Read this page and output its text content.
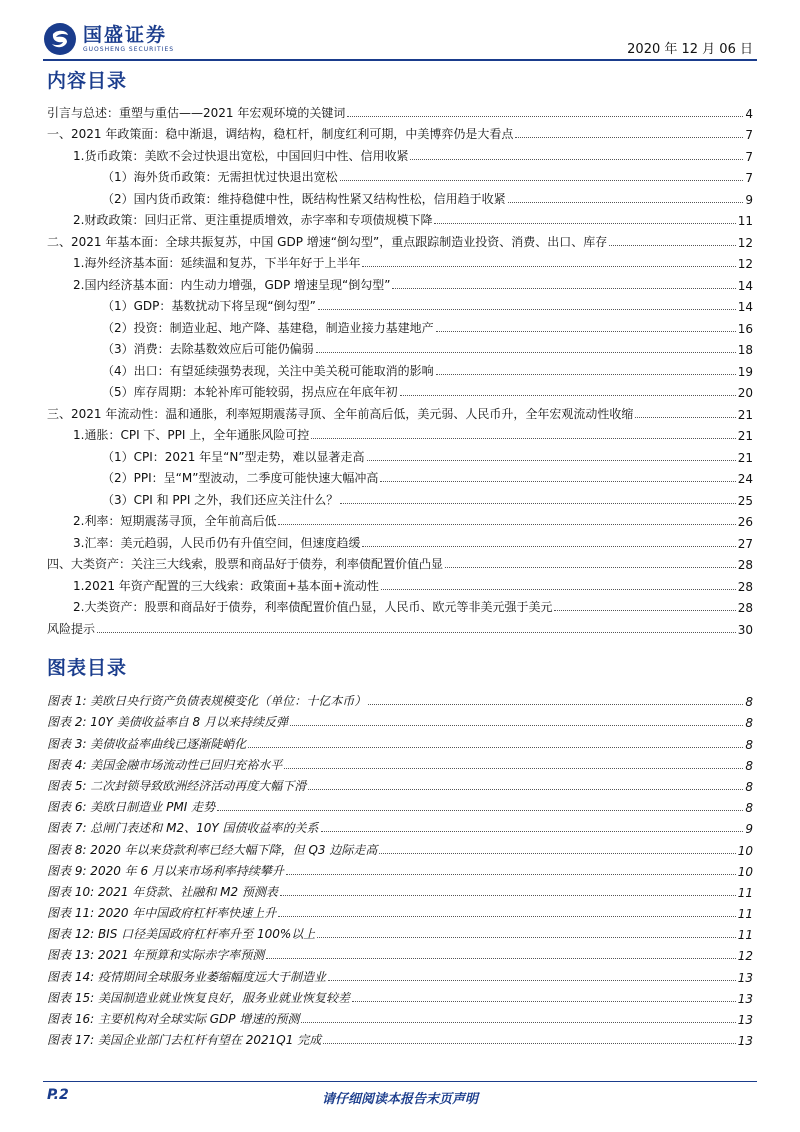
国盛证券
GUOSHENG SECURITIES	2020 年 12 月 06 日
内容目录
引言与总述：重塑与重估——2021 年宏观环境的关键词	4
一、2021 年政策面：稳中渐退，调结构，稳杠杆，制度红利可期，中美博弈仍是大看点	7
1.货币政策：美欧不会过快退出宽松，中国回归中性、信用收紧	7
（1）海外货币政策：无需担忧过快退出宽松	7
（2）国内货币政策：维持稳健中性，既结构性紧又结构性松，信用趋于收紧	9
2.财政政策：回归正常、更注重提质增效，赤字率和专项债规模下降	11
二、2021 年基本面：全球共振复苏，中国 GDP 增速“倒勾型”，重点跟踪制造业投资、消费、出口、库存	12
1.海外经济基本面：延续温和复苏，下半年好于上半年	12
2.国内经济基本面：内生动力增强，GDP 增速呈现“倒勾型”	14
（1）GDP：基数扰动下将呈现“倒勾型”	14
（2）投资：制造业起、地产降、基建稳，制造业接力基建地产	16
（3）消费：去除基数效应后可能仍偏弱	18
（4）出口：有望延续强势表现，关注中美关税可能取消的影响	19
（5）库存周期：本轮补库可能较弱，拐点应在年底年初	20
三、2021 年流动性：温和通胀，利率短期震荡寻顶、全年前高后低，美元弱、人民币升，全年宏观流动性收缩	21
1.通胀：CPI 下、PPI 上，全年通胀风险可控	21
（1）CPI：2021 年呈“N”型走势，难以显著走高	21
（2）PPI：呈“M”型波动，二季度可能快速大幅冲高	24
（3）CPI 和 PPI 之外，我们还应关注什么？	25
2.利率：短期震荡寻顶，全年前高后低	26
3.汇率：美元趋弱，人民币仍有升值空间，但速度趋缓	27
四、大类资产：关注三大线索，股票和商品好于债券，利率债配置价值凸显	28
1.2021 年资产配置的三大线索：政策面+基本面+流动性	28
2.大类资产：股票和商品好于债券，利率债配置价值凸显，人民币、欧元等非美元强于美元	28
风险提示	30
图表目录
图表 1: 美欧日央行资产负债表规模变化（单位：十亿本币）	8
图表 2: 10Y 美债收益率自 8 月以来持续反弹	8
图表 3: 美债收益率曲线已逐渐陡峭化	8
图表 4: 美国金融市场流动性已回归充裕水平	8
图表 5: 二次封锁导致欧洲经济活动再度大幅下滑	8
图表 6: 美欧日制造业 PMI 走势	8
图表 7: 总闸门表述和 M2、10Y 国债收益率的关系	9
图表 8: 2020 年以来贷款利率已经大幅下降，但 Q3 边际走高	10
图表 9: 2020 年 6 月以来市场利率持续攀升	10
图表 10: 2021 年贷款、社融和 M2 预测表	11
图表 11: 2020 年中国政府杠杆率快速上升	11
图表 12: BIS 口径美国政府杠杆率升至 100%以上	11
图表 13: 2021 年预算和实际赤字率预测	12
图表 14: 疫情期间全球服务业萎缩幅度远大于制造业	13
图表 15: 美国制造业就业恢复良好，服务业就业恢复较差	13
图表 16: 主要机构对全球实际 GDP 增速的预测	13
图表 17: 美国企业部门去杠杆有望在 2021Q1 完成	13
P.2	请仔细阅读本报告末页声明
